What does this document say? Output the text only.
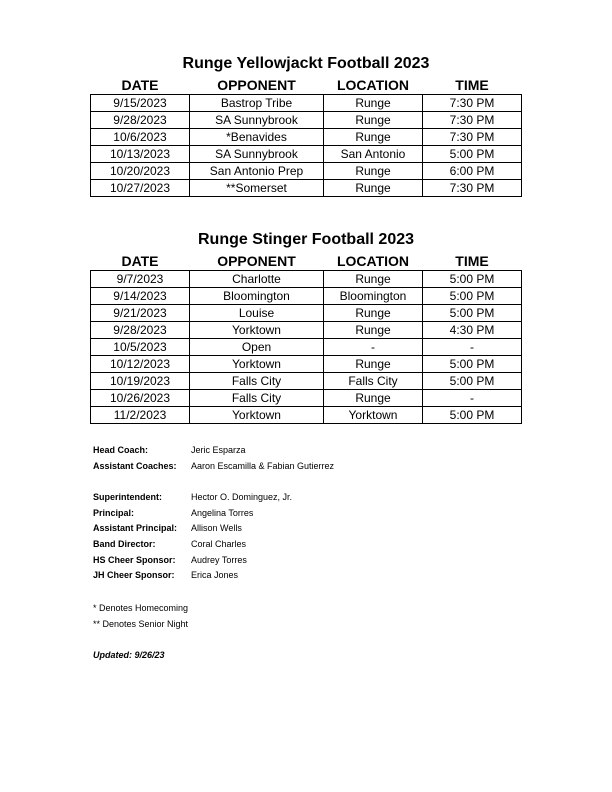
Runge Yellowjackt Football 2023
DATE	OPPONENT	LOCATION	TIME
9/15/2023	Bastrop Tribe	Runge	7:30 PM
9/28/2023	SA Sunnybrook	Runge	7:30 PM
10/6/2023	*Benavides	Runge	7:30 PM
10/13/2023	SA Sunnybrook	San Antonio	5:00 PM
10/20/2023	San Antonio Prep	Runge	6:00 PM
10/27/2023	**Somerset	Runge	7:30 PM
Runge Stinger Football 2023
DATE	OPPONENT	LOCATION	TIME
9/7/2023	Charlotte	Runge	5:00 PM
9/14/2023	Bloomington	Bloomington	5:00 PM
9/21/2023	Louise	Runge	5:00 PM
9/28/2023	Yorktown	Runge	4:30 PM
10/5/2023	Open	-	-
10/12/2023	Yorktown	Runge	5:00 PM
10/19/2023	Falls City	Falls City	5:00 PM
10/26/2023	Falls City	Runge	-
11/2/2023	Yorktown	Yorktown	5:00 PM
Head Coach:	Jeric Esparza
Assistant Coaches: Aaron Escamilla & Fabian Gutierrez
Superintendent:	Hector O. Dominguez, Jr.
Principal:	Angelina Torres
Assistant Principal: Allison Wells
Band Director:	Coral Charles
HS Cheer Sponsor: Audrey Torres
JH Cheer Sponsor: Erica Jones
* Denotes Homecoming
** Denotes Senior Night
Updated: 9/26/23
